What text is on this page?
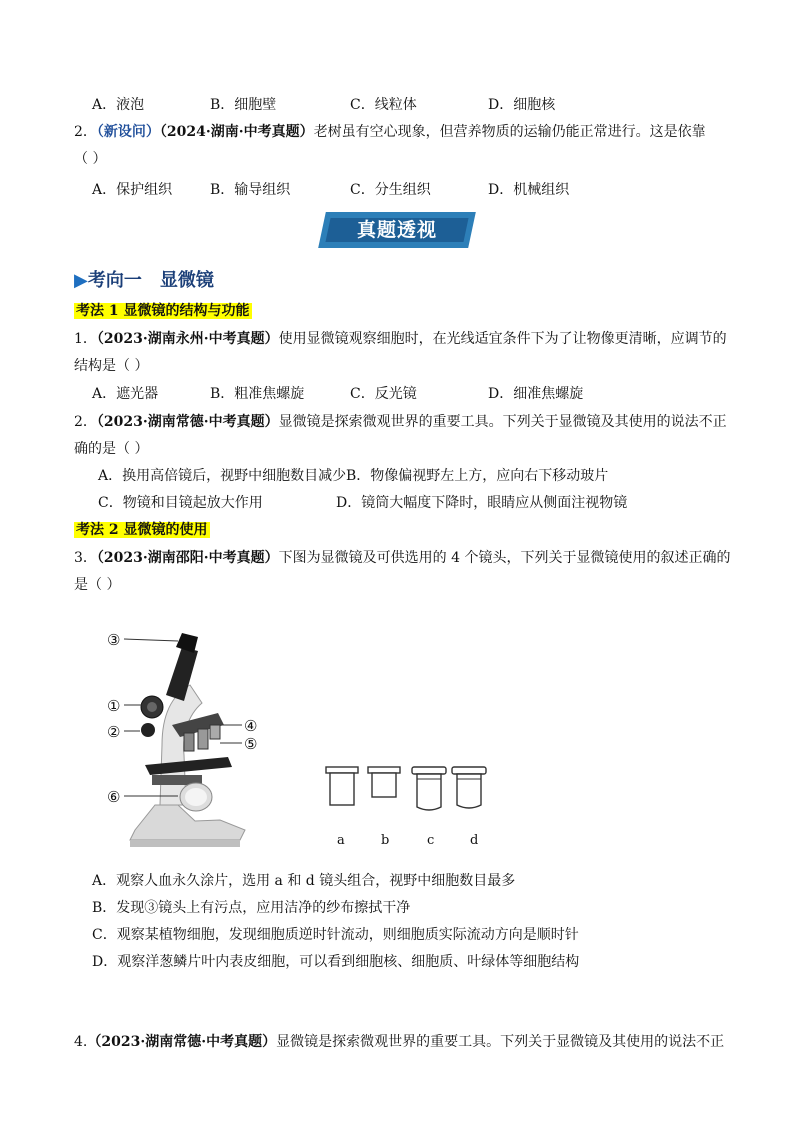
A．液泡	B．细胞壁	C．线粒体	D．细胞核
2．（新设问）（2024·湖南·中考真题）老树虽有空心现象，但营养物质的运输仍能正常进行。这是依靠
（ ）
A．保护组织	B．输导组织	C．分生组织	D．机械组织
真题透视
▶考向一　显微镜
考法 1 显微镜的结构与功能
1．（2023·湖南永州·中考真题）使用显微镜观察细胞时，在光线适宜条件下为了让物像更清晰，应调节的
结构是（ ）
A．遮光器	B．粗准焦螺旋	C．反光镜	D．细准焦螺旋
2．（2023·湖南常德·中考真题）显微镜是探索微观世界的重要工具。下列关于显微镜及其使用的说法不正
确的是（ ）
A．换用高倍镜后，视野中细胞数目减少 B．物像偏视野左上方，应向右下移动玻片
C．物镜和目镜起放大作用	D．镜筒大幅度下降时，眼睛应从侧面注视物镜
考法 2 显微镜的使用
3．（2023·湖南邵阳·中考真题）下图为显微镜及可供选用的 4 个镜头，下列关于显微镜使用的叙述正确的
是（ ）
③
①
②	④
⑤
⑥
a	b	c	d
A．观察人血永久涂片，选用 a 和 d 镜头组合，视野中细胞数目最多
B．发现③镜头上有污点，应用洁净的纱布擦拭干净
C．观察某植物细胞，发现细胞质逆时针流动，则细胞质实际流动方向是顺时针
D．观察洋葱鳞片叶内表皮细胞，可以看到细胞核、细胞质、叶绿体等细胞结构
4.（2023·湖南常德·中考真题）显微镜是探索微观世界的重要工具。下列关于显微镜及其使用的说法不正
